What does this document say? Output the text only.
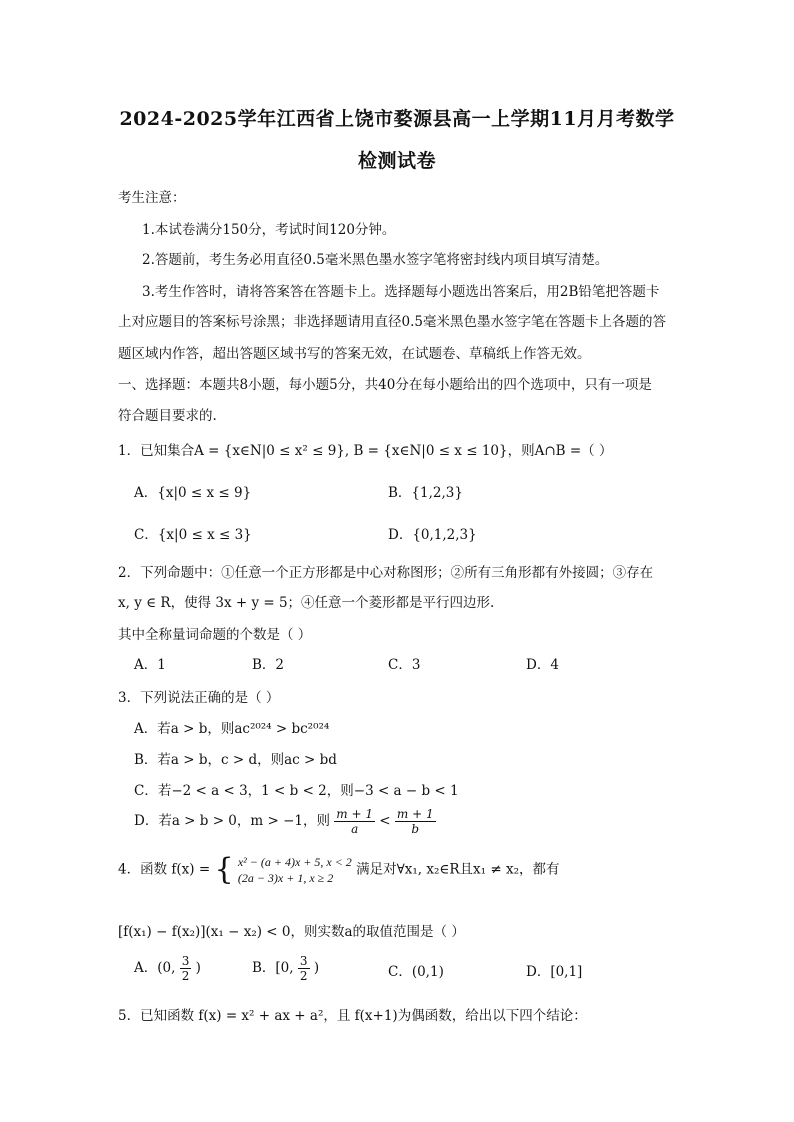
2024-2025学年江西省上饶市婺源县高一上学期11月月考数学
检测试卷
考生注意：
1.本试卷满分150分，考试时间120分钟。
2.答题前，考生务必用直径0.5毫米黑色墨水签字笔将密封线内项目填写清楚。
3.考生作答时，请将答案答在答题卡上。选择题每小题选出答案后，用2B铅笔把答题卡
上对应题目的答案标号涂黑；非选择题请用直径0.5毫米黑色墨水签字笔在答题卡上各题的答
题区域内作答，超出答题区域书写的答案无效，在试题卷、草稿纸上作答无效。
一、选择题：本题共8小题，每小题5分，共40分在每小题给出的四个选项中，只有一项是
符合题目要求的.
1．已知集合A = {x∈N|0 ≤ x² ≤ 9}, B = {x∈N|0 ≤ x ≤ 10}，则A∩B =（ ）
A．{x|0 ≤ x ≤ 9}	B．{1,2,3}
C．{x|0 ≤ x ≤ 3}	D．{0,1,2,3}
2．下列命题中：①任意一个正方形都是中心对称图形；②所有三角形都有外接圆；③存在
x, y ∈ R，使得 3x + y = 5；④任意一个菱形都是平行四边形.
其中全称量词命题的个数是（ ）
A．1	B．2	C．3	D．4
3．下列说法正确的是（ ）
A．若a > b，则ac²⁰²⁴ > bc²⁰²⁴
B．若a > b，c > d，则ac > bd
C．若−2 < a < 3，1 < b < 2，则−3 < a − b < 1
D．若a > b > 0，m > −1，则 $\frac{m + 1}{a} < \frac{m + 1}{b}$
4．函数 f(x) = { x² − (a + 4)x + 5, x < 2
(2a − 3)x + 1, x ≥ 2
满足对∀x₁, x₂∈R且x₁ ≠ x₂，都有
[f(x₁) − f(x₂)](x₁ − x₂) < 0，则实数a的取值范围是（ ）
A．(0, $\frac{3}{2}$ )	B．[0, $\frac{3}{2}$ )	C．(0,1)	D．[0,1]
5．已知函数 f(x) = x² + ax + a²，且 f(x+1)为偶函数，给出以下四个结论：
